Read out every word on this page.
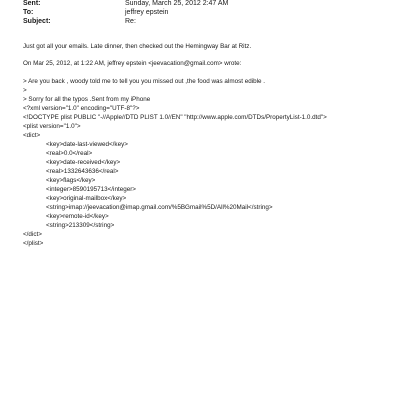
Sent:	Sunday, March 25, 2012 2:47 AM
To:	jeffrey epstein
Subject:	Re:
Just got all your emails. Late dinner, then checked out the Hemingway Bar at Ritz.
On Mar 25, 2012, at 1:22 AM, jeffrey epstein <jeevacation@gmail.com> wrote:
> Are you back , woody told me to tell you you missed out ,the food was almost edible .
>
> Sorry for all the typos .Sent from my iPhone
<?xml version="1.0" encoding="UTF-8"?>
<!DOCTYPE plist PUBLIC "-//Apple//DTD PLIST 1.0//EN" "http://www.apple.com/DTDs/PropertyList-1.0.dtd">
<plist version="1.0">
<dict>
<key>date-last-viewed</key>
<real>0.0</real>
<key>date-received</key>
<real>1332643636</real>
<key>flags</key>
<integer>8590195713</integer>
<key>original-mailbox</key>
<string>imap://jeevacation@imap.gmail.com/%5BGmail%5D/All%20Mail</string>
<key>remote-id</key>
<string>213309</string>
</dict>
</plist>
